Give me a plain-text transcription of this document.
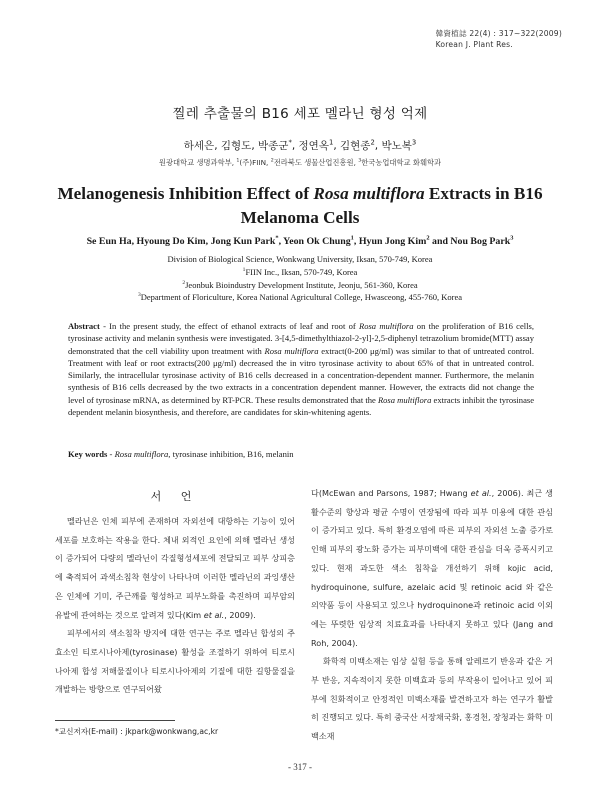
韓資植誌 22(4) : 317~322(2009)
Korean J. Plant Res.
찔레 추출물의 B16 세포 멜라닌 형성 억제
하세은, 김형도, 박종군*, 정연옥$^1$, 김현종$^2$, 박노복$^3$
원광대학교 생명과학부, $^1$(주)FIIN, $^2$전라북도 생물산업진흥원, $^3$한국농업대학교 화훼학과
Melanogenesis Inhibition Effect of Rosa multiflora Extracts in B16
Melanoma Cells
Se Eun Ha, Hyoung Do Kim, Jong Kun Park*, Yeon Ok Chung$^1$, Hyun Jong Kim$^2$ and Nou Bog Park$^3$
Division of Biological Science, Wonkwang University, Iksan, 570-749, Korea
$^1$FIIN Inc., Iksan, 570-749, Korea
$^2$Jeonbuk Bioindustry Development Institute, Jeonju, 561-360, Korea
$^3$Department of Floriculture, Korea National Agricultural College, Hwasceong, 455-760, Korea
Abstract - In the present study, the effect of ethanol extracts of leaf and root of Rosa multiflora on the proliferation of B16 cells, tyrosinase activity and melanin synthesis were investigated. 3-[4,5-dimethylthiazol-2-yl]-2,5-diphenyl tetrazolium bromide(MTT) assay demonstrated that the cell viability upon treatment with Rosa multiflora extract(0-200 μg/ml) was similar to that of untreated control. Treatment with leaf or root extracts(200 μg/ml) decreased the in vitro tyrosinase activity to about 65% of that in untreated control. Similarly, the intracellular tyrosinase activity of B16 cells decreased in a concentration-dependent manner. Furthermore, the melanin synthesis of B16 cells decreased by the two extracts in a concentration dependent manner. However, the extracts did not change the level of tyrosinase mRNA, as determined by RT-PCR. These results demonstrated that the Rosa multiflora extracts inhibit the tyrosinase dependent melanin biosynthesis, and therefore, are candidates for skin-whitening agents.
Key words - Rosa multiflora, tyrosinase inhibition, B16, melanin
서 언

멜라닌은 인체 피부에 존재하며 자외선에 대항하는 기능이 있어 세포를 보호하는 작용을 한다. 체내 외적인 요인에 의해 멜라닌 생성이 증가되어 다량의 멜라닌이 각질형성세포에 전달되고 피부 상피층에 축적되어 과색소침착 현상이 나타나며 이러한 멜라닌의 과잉생산은 인체에 기미, 주근깨를 형성하고 피부노화를 촉진하며 피부암의 유발에 관여하는 것으로 알려져 있다(Kim et al., 2009).

피부에서의 색소침착 방지에 대한 연구는 주로 멜라닌 합성의 주효소인 티로시나아제(tyrosinase) 활성을 조절하기 위하여 티로시나아제 합성 저해물질이나 티로시나아제의 기질에 대한 길항물질을 개발하는 방향으로 연구되어왔

다(McEwan and Parsons, 1987; Hwang et al., 2006). 최근 생활수준의 향상과 평균 수명이 연장됨에 따라 피부 미용에 대한 관심이 증가되고 있다. 특히 환경오염에 따른 피부의 자외선 노출 증가로 인해 피부의 광노화 증가는 피부미백에 대한 관심을 더욱 증폭시키고 있다. 현재 과도한 색소 침착을 개선하기 위해 kojic acid, hydroquinone, sulfure, azelaic acid 및 retinoic acid 와 같은 의약품 등이 사용되고 있으나 hydroquinone과 retinoic acid 이외에는 뚜렷한 임상적 치료효과를 나타내지 못하고 있다 (Jang and Roh, 2004).

화학적 미백소재는 임상 실험 등을 통해 알레르기 반응과 같은 거부 반응, 지속적이지 못한 미백효과 등의 부작용이 일어나고 있어 피부에 친화적이고 안정적인 미백소재를 발견하고자 하는 연구가 활발히 진행되고 있다. 특히 중국산 서장채국화, 홍경천, 장청과는 화학 미백소재

*교신저자(E-mail) : jkpark@wonkwang,ac,kr
- 317 -
